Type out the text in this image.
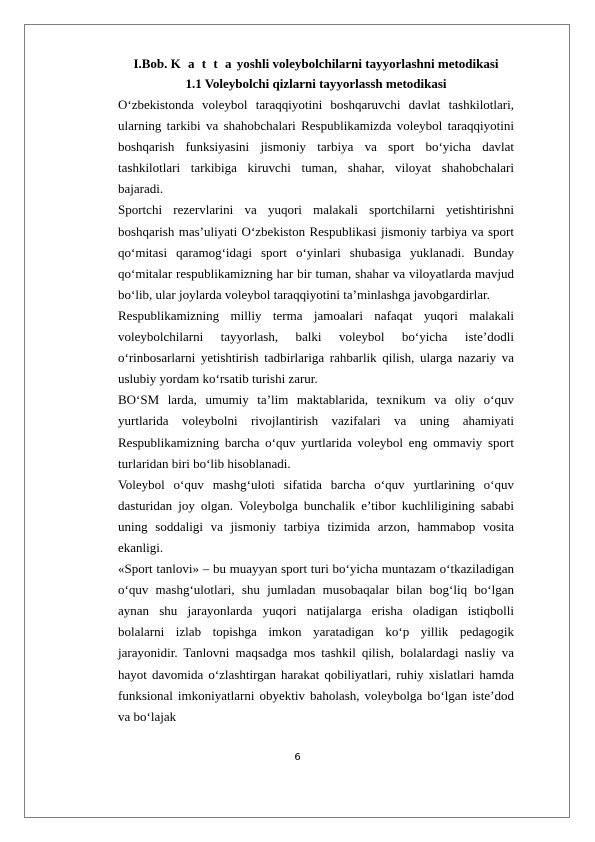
I.Bob. K a t t a yoshli voleybolchilarni tayyorlashni metodikasi
1.1 Voleybolchi qizlarni tayyorlassh metodikasi

O‘zbekistonda voleybol taraqqiyotini boshqaruvchi davlat tashkilotlari, ularning tarkibi va shahobchalari Respublikamizda voleybol taraqqiyotini boshqarish funksiyasini jismoniy tarbiya va sport bo‘yicha davlat tashkilotlari tarkibiga kiruvchi tuman, shahar, viloyat shahobchalari bajaradi.

Sportchi rezervlarini va yuqori malakali sportchilarni yetishtirishni boshqarish mas’uliyati O‘zbekiston Respublikasi jismoniy tarbiya va sport qo‘mitasi qaramog‘idagi sport o‘yinlari shubasiga yuklanadi. Bunday qo‘mitalar respublikamizning har bir tuman, shahar va viloyatlarda mavjud bo‘lib, ular joylarda voleybol taraqqiyotini ta’minlashga javobgardirlar.

Respublikamizning milliy terma jamoalari nafaqat yuqori malakali voleybolchilarni tayyorlash, balki voleybol bo‘yicha iste’dodli o‘rinbosarlarni yetishtirish tadbirlariga rahbarlik qilish, ularga nazariy va uslubiy yordam ko‘rsatib turishi zarur.

BO‘SM larda, umumiy ta’lim maktablarida, texnikum va oliy o‘quv yurtlarida voleybolni rivojlantirish vazifalari va uning ahamiyati Respublikamizning barcha o‘quv yurtlarida voleybol eng ommaviy sport turlaridan biri bo‘lib hisoblanadi.

Voleybol o‘quv mashg‘uloti sifatida barcha o‘quv yurtlarining o‘quv dasturidan joy olgan. Voleybolga bunchalik e’tibor kuchliligining sababi uning soddaligi va jismoniy tarbiya tizimida arzon, hammabop vosita ekanligi.

«Sport tanlovi» – bu muayyan sport turi bo‘yicha muntazam o‘tkaziladigan o‘quv mashg‘ulotlari, shu jumladan musobaqalar bilan bog‘liq bo‘lgan aynan shu jarayonlarda yuqori natijalarga erisha oladigan istiqbolli bolalarni izlab topishga imkon yaratadigan ko‘p yillik pedagogik jarayonidir. Tanlovni maqsadga mos tashkil qilish, bolalardagi nasliy va hayot davomida o‘zlashtirgan harakat qobiliyatlari, ruhiy xislatlari hamda funksional imkoniyatlarni obyektiv baholash, voleybolga bo‘lgan iste’dod va bo‘lajak

6
